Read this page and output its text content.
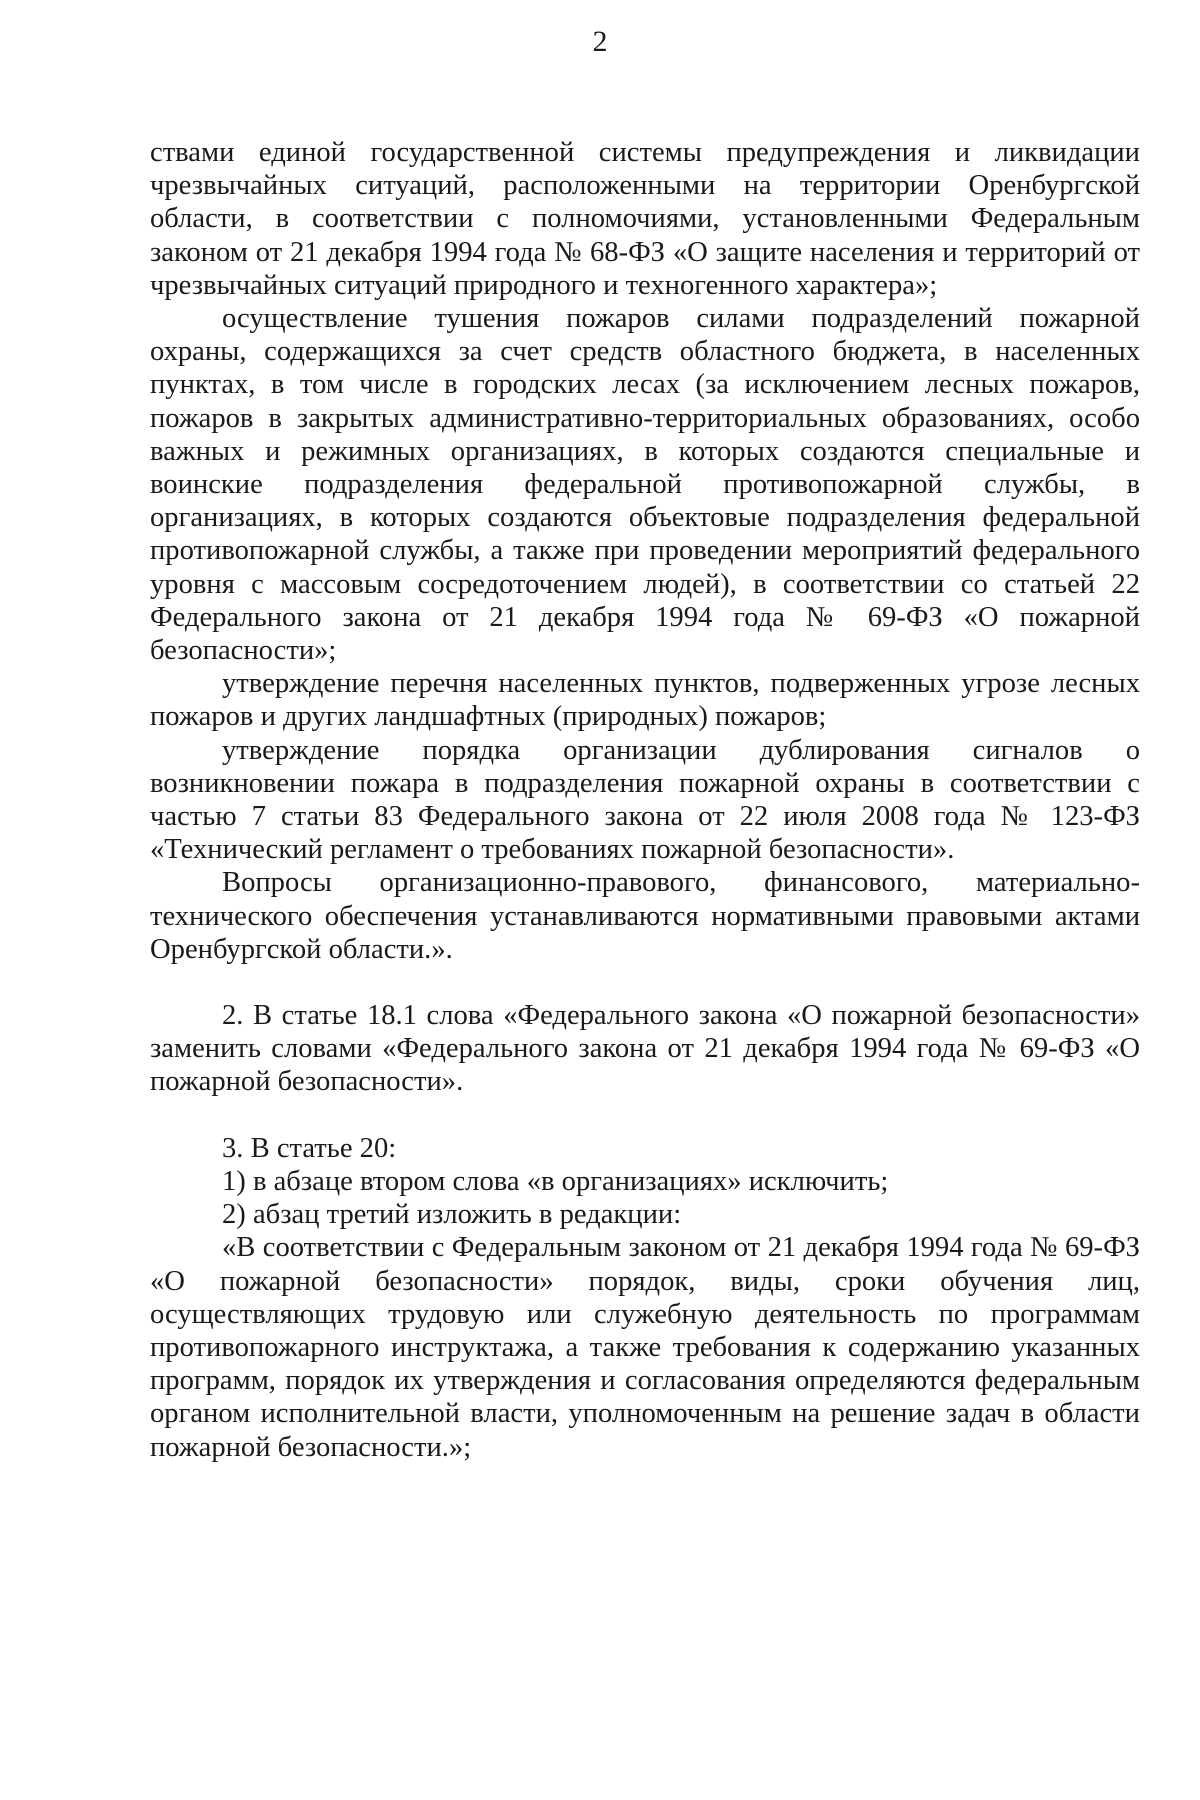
2

ствами единой государственной системы предупреждения и ликвидации чрезвычайных ситуаций, расположенными на территории Оренбургской области, в соответствии с полномочиями, установленными Федеральным законом от 21 декабря 1994 года № 68-ФЗ «О защите населения и территорий от чрезвычайных ситуаций природного и техногенного характера»;

осуществление тушения пожаров силами подразделений пожарной охраны, содержащихся за счет средств областного бюджета, в населенных пунктах, в том числе в городских лесах (за исключением лесных пожаров, пожаров в закрытых административно-территориальных образованиях, особо важных и режимных организациях, в которых создаются специальные и воинские подразделения федеральной противопожарной службы, в организациях, в которых создаются объектовые подразделения федеральной противопожарной службы, а также при проведении мероприятий федерального уровня с массовым сосредоточением людей), в соответствии со статьей 22 Федерального закона от 21 декабря 1994 года № 69-ФЗ «О пожарной безопасности»;

утверждение перечня населенных пунктов, подверженных угрозе лесных пожаров и других ландшафтных (природных) пожаров;

утверждение порядка организации дублирования сигналов о возникновении пожара в подразделения пожарной охраны в соответствии с частью 7 статьи 83 Федерального закона от 22 июля 2008 года № 123-ФЗ «Технический регламент о требованиях пожарной безопасности».

Вопросы организационно-правового, финансового, материально-технического обеспечения устанавливаются нормативными правовыми актами Оренбургской области.».

2. В статье 18.1 слова «Федерального закона «О пожарной безопасности» заменить словами «Федерального закона от 21 декабря 1994 года № 69-ФЗ «О пожарной безопасности».

3. В статье 20:

1) в абзаце втором слова «в организациях» исключить;

2) абзац третий изложить в редакции:

«В соответствии с Федеральным законом от 21 декабря 1994 года № 69-ФЗ «О пожарной безопасности» порядок, виды, сроки обучения лиц, осуществляющих трудовую или служебную деятельность по программам противопожарного инструктажа, а также требования к содержанию указанных программ, порядок их утверждения и согласования определяются федеральным органом исполнительной власти, уполномоченным на решение задач в области пожарной безопасности.»;
